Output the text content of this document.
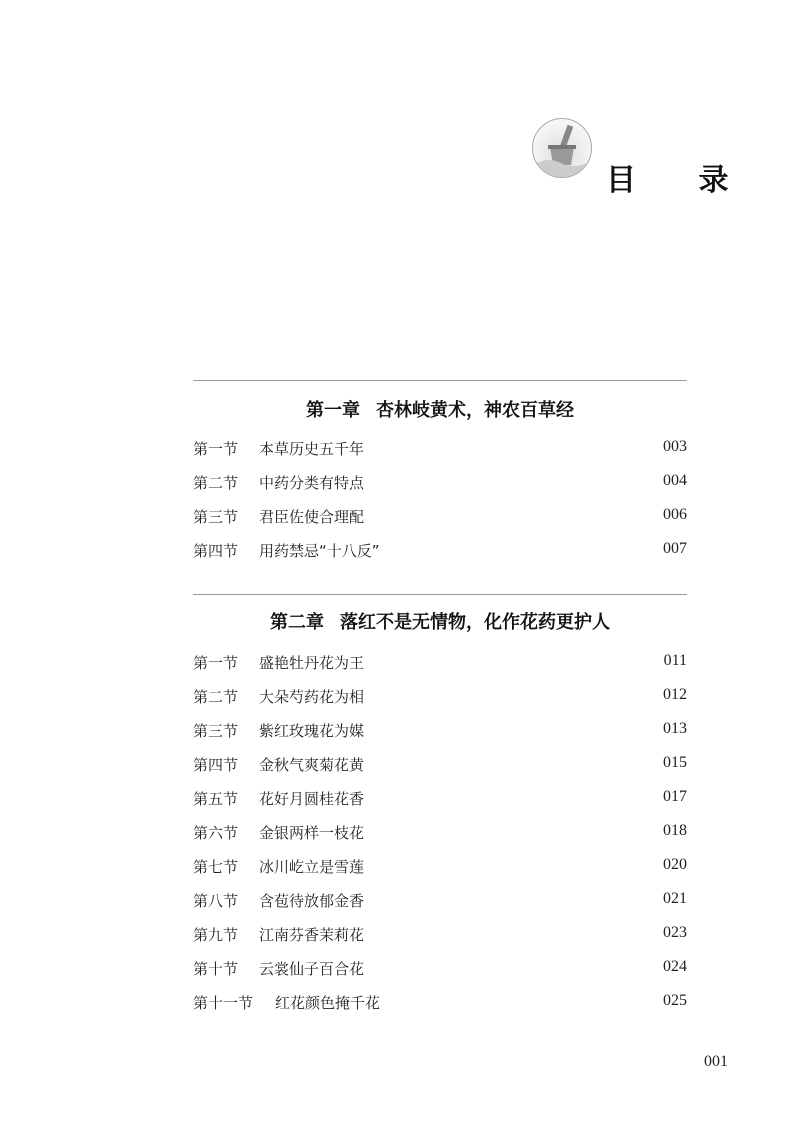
目 录
第一章 杏林岐黄术，神农百草经
第一节	本草历史五千年	003
第二节	中药分类有特点	004
第三节	君臣佐使合理配	006
第四节	用药禁忌“十八反”	007
第二章 落红不是无情物，化作花药更护人
第一节	盛艳牡丹花为王	011
第二节	大朵芍药花为相	012
第三节	紫红玫瑰花为媒	013
第四节	金秋气爽菊花黄	015
第五节	花好月圆桂花香	017
第六节	金银两样一枝花	018
第七节	冰川屹立是雪莲	020
第八节	含苞待放郁金香	021
第九节	江南芬香茉莉花	023
第十节	云裳仙子百合花	024
第十一节	红花颜色掩千花	025
001
